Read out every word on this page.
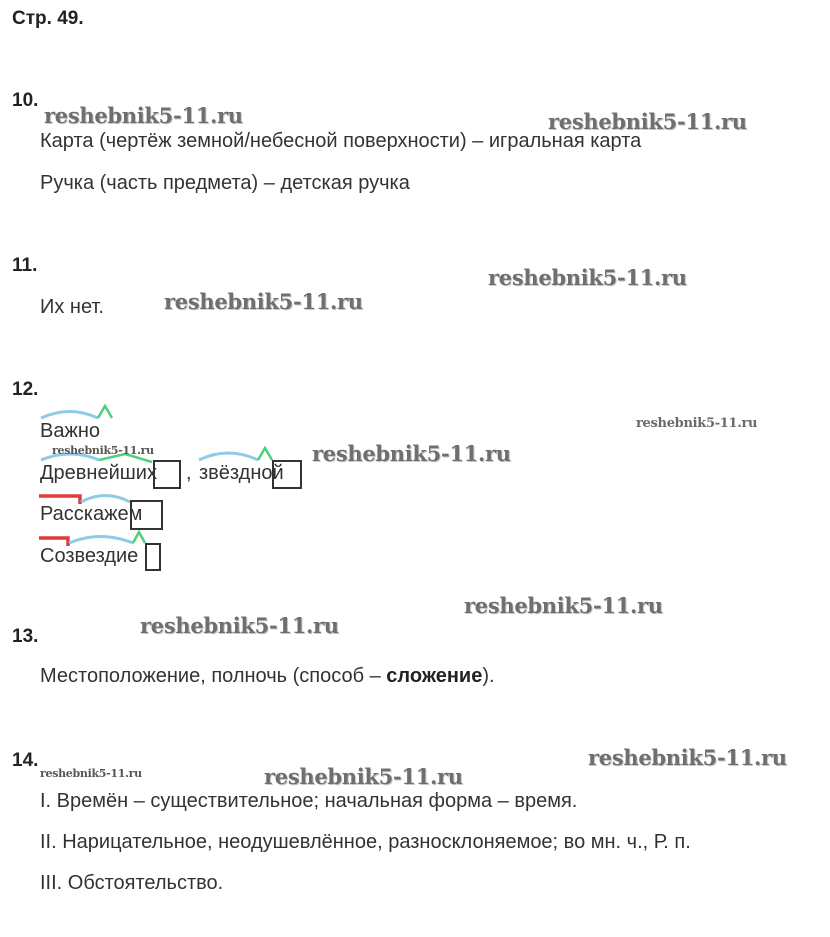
Стр. 49.
10.
Карта (чертёж земной/небесной поверхности) – игральная карта
Ручка (часть предмета) – детская ручка
11.
Их нет.
12.
Важно
Древнейших , звёздной
Расскажем
Созвездие
13.
Местоположение, полночь (способ – сложение).
14.
I. Времён – существительное; начальная форма – время.
II. Нарицательное, неодушевлённое, разносклоняемое; во мн. ч., Р. п.
III. Обстоятельство.
reshebnik5-11.ru	reshebnik5-11.ru
reshebnik5-11.ru
reshebnik5-11.ru
reshebnik5-11.ru
reshebnik5-11.ru	reshebnik5-11.ru
reshebnik5-11.ru
reshebnik5-11.ru
reshebnik5-11.ru
reshebnik5-11.ru	reshebnik5-11.ru
